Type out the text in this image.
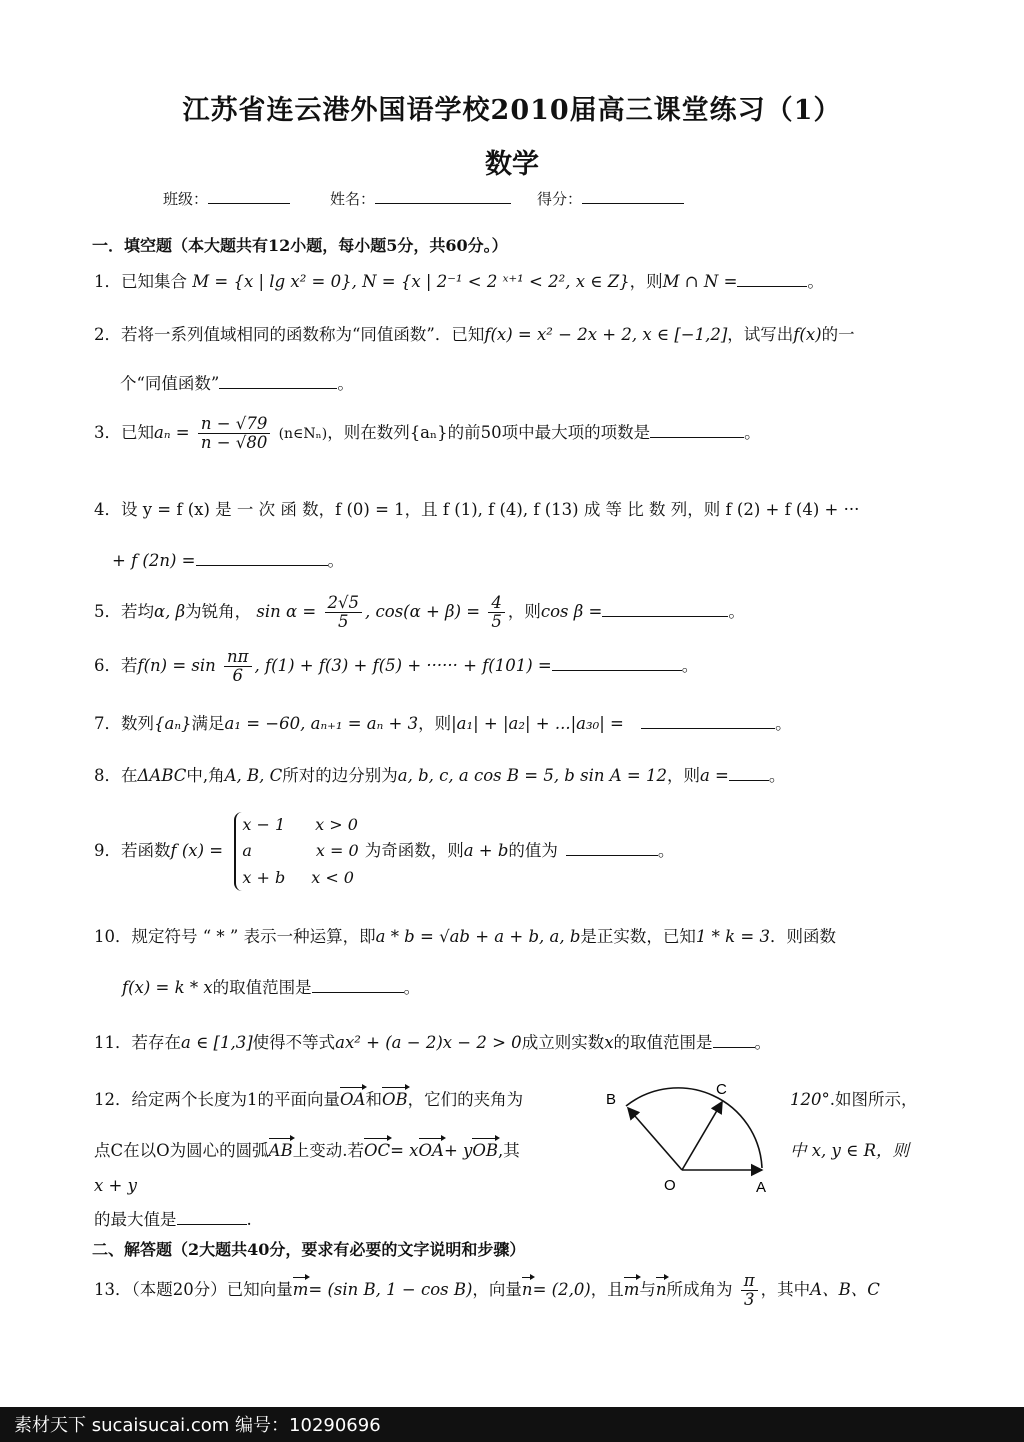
江苏省连云港外国语学校2010届高三课堂练习（1）
数学
班级：	姓名：	得分：
一．填空题（本大题共有12小题，每小题5分，共60分。）
1．已知集合 M = {x | lg x² = 0}, N = {x | 2⁻¹ < 2 ˣ⁺¹ < 2², x ∈ Z}，则M ∩ N =	。
2．若将一系列值域相同的函数称为“同值函数”．已知f(x) = x² − 2x + 2, x ∈ [−1,2]，试写出f(x)的一
个“同值函数”	。
3．已知$a_n = \frac{n - √79}{n - √80}$ (n∈Nₙ)，则在数列{aₙ}的前50项中最大项的项数是	。
4．设 y = f (x) 是 一 次 函 数，f (0) = 1，且 f (1), f (4), f (13) 成 等 比 数 列，则 f (2) + f (4) + ···
+ f (2n) =	。
5．若均α, β为锐角， $\sin \alpha = \frac{2√5}{5}$ , $\cos(\alpha + \beta) = \frac{4}{5}$ ，则cos β =	。
6．若$f(n) = \sin \frac{n\pi}{6}$ , f(1) + f(3) + f(5) + ······ + f(101) =	。
7．数列{aₙ}满足a₁ = −60, aₙ₊₁ = aₙ + 3，则|a₁| + |a₂| + ...|a₃₀| =	。
8．在ΔABC中,角A, B, C所对的边分别为a, b, c, a cos B = 5, b sin A = 12，则a = 。
9．若函数f (x) =
x − 1 x > 0
a	x = 0
x + b x < 0
为奇函数，则a + b的值为	。
10．规定符号 “ * ” 表示一种运算，即a * b = √ab + a + b, a, b是正实数，已知1 * k = 3．则函数
f(x) = k * x的取值范围是	。
11．若存在a ∈ [1,3]使得不等式ax² + (a − 2)x − 2 > 0成立则实数x的取值范围是	。
12．给定两个长度为1的平面向量OA和OB，它们的夹角为	120°.如图所示，
点C在以O为圆心的圆弧AB上变动.若OC= xOA+ yOB,其	中 x, y ∈ R，则
x + y
的最大值是	.
B
C
O	A
二、解答题（2大题共40分，要求有必要的文字说明和步骤）
13．（本题20分）已知向量m= (sin B, 1 − cos B)，向量n= (2,0)，且m与n所成角为 $\frac{\pi}{3}$ ，其中A、B、C
素材天下 sucaisucai.com 编号：10290696
